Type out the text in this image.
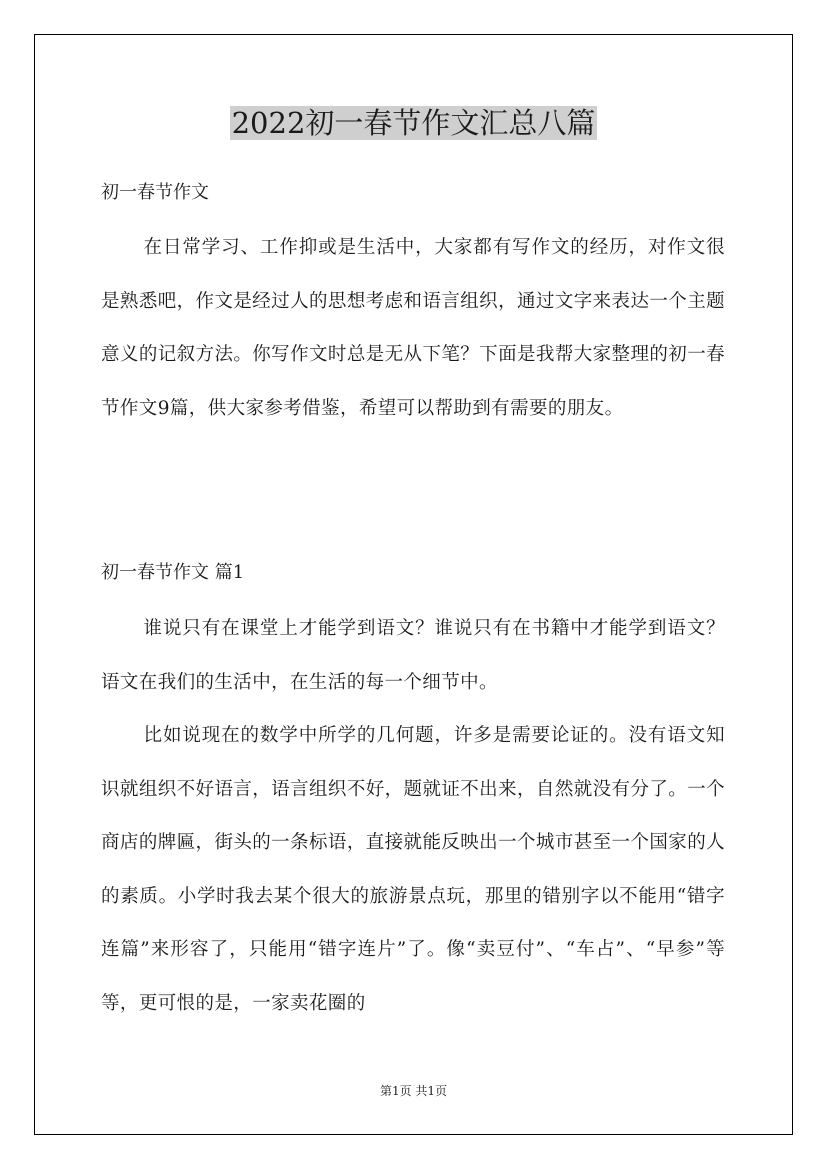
2022初一春节作文汇总八篇
初一春节作文
在日常学习、工作抑或是生活中，大家都有写作文的经历，对作文很是熟悉吧，作文是经过人的思想考虑和语言组织，通过文字来表达一个主题意义的记叙方法。你写作文时总是无从下笔？下面是我帮大家整理的初一春节作文9篇，供大家参考借鉴，希望可以帮助到有需要的朋友。
初一春节作文 篇1
谁说只有在课堂上才能学到语文？谁说只有在书籍中才能学到语文？语文在我们的生活中，在生活的每一个细节中。
比如说现在的数学中所学的几何题，许多是需要论证的。没有语文知识就组织不好语言，语言组织不好，题就证不出来，自然就没有分了。一个商店的牌匾，街头的一条标语，直接就能反映出一个城市甚至一个国家的人的素质。小学时我去某个很大的旅游景点玩，那里的错别字以不能用“错字连篇”来形容了，只能用“错字连片”了。像“卖豆付”、“车占”、“早参”等等，更可恨的是，一家卖花圈的
第1页 共1页
